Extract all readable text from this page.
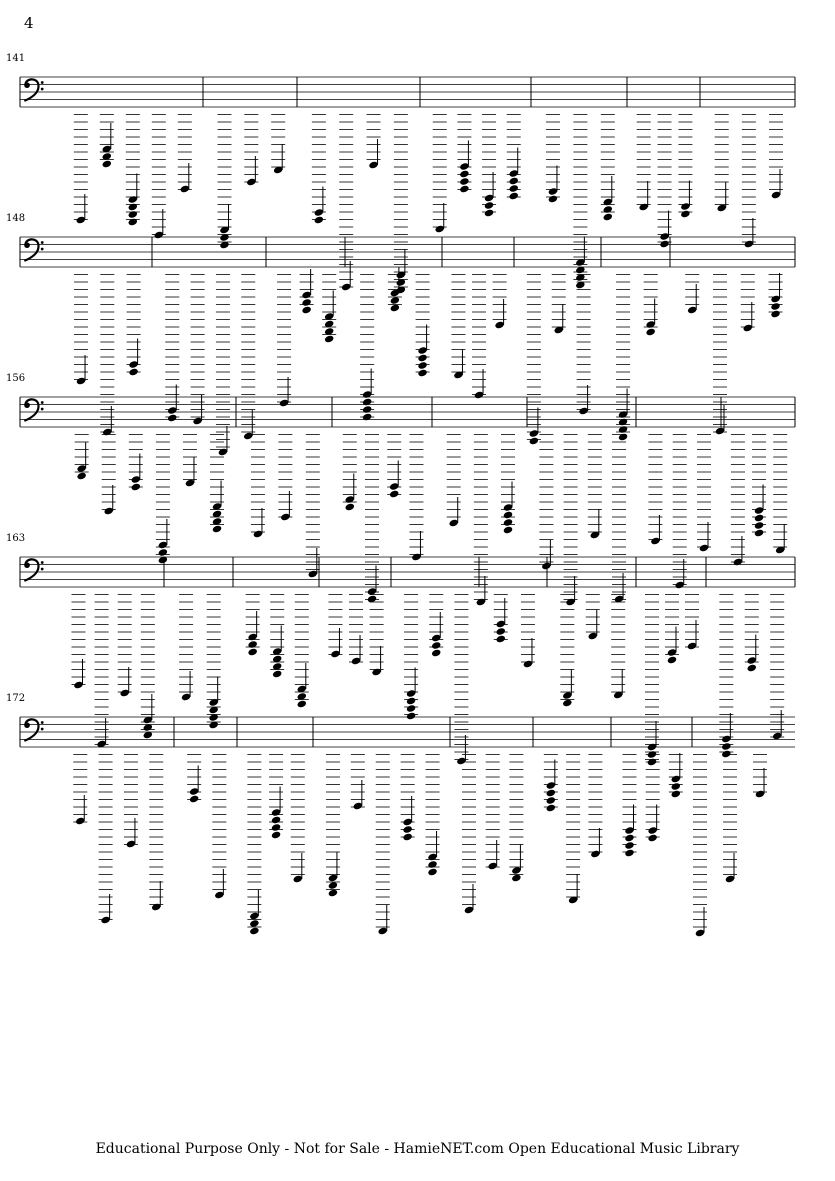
4
141
148
156
163
172
Educational Purpose Only - Not for Sale - HamieNET.com Open Educational Music Library
